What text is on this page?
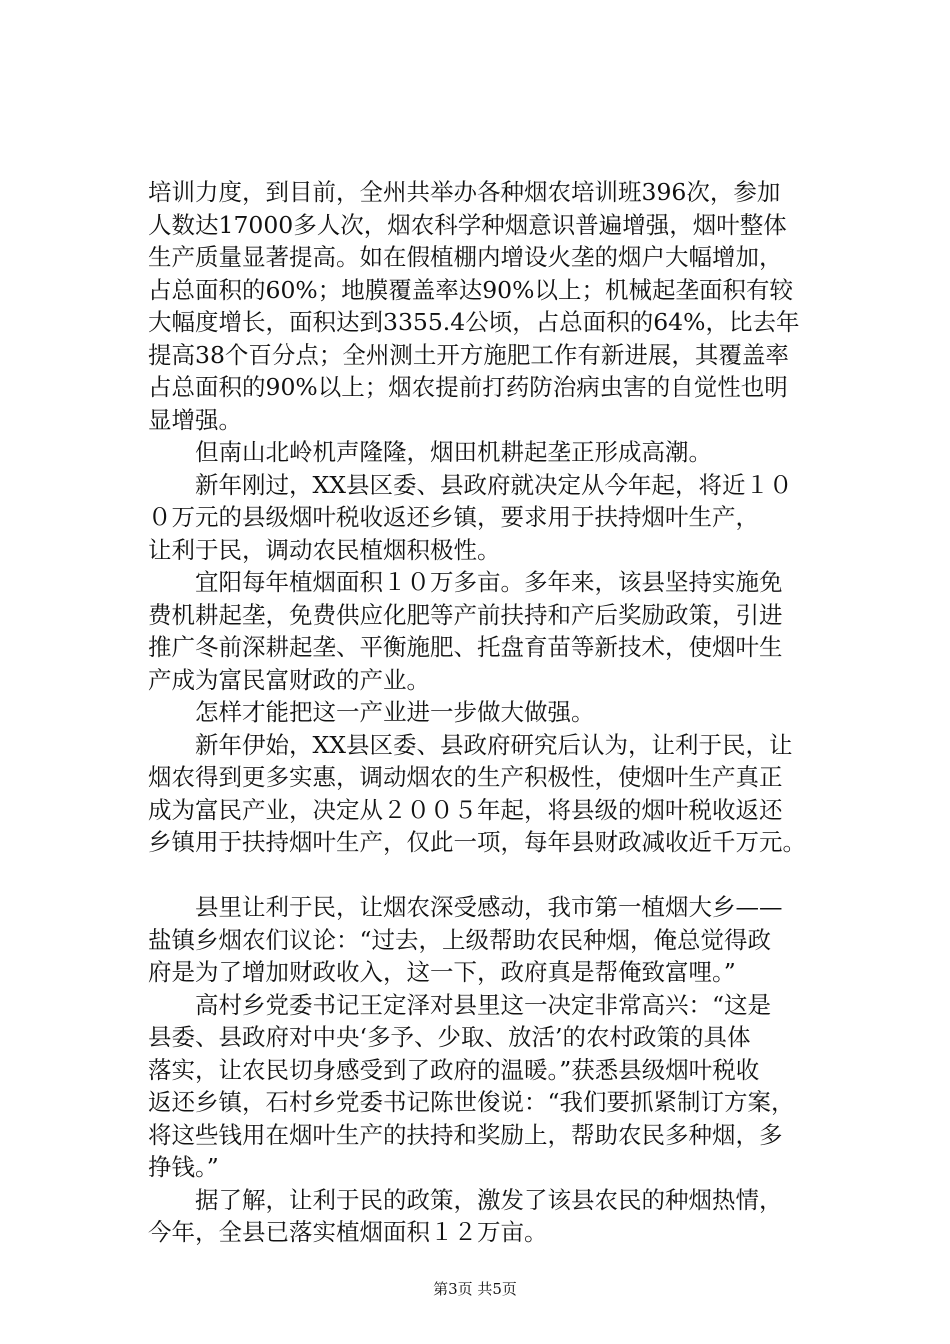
培训力度，到目前，全州共举办各种烟农培训班396次，参加
人数达17000多人次，烟农科学种烟意识普遍增强，烟叶整体
生产质量显著提高。如在假植棚内增设火垄的烟户大幅增加，
占总面积的60%；地膜覆盖率达90%以上；机械起垄面积有较
大幅度增长，面积达到3355.4公顷，占总面积的64%，比去年
提高38个百分点；全州测土开方施肥工作有新进展，其覆盖率
占总面积的90%以上；烟农提前打药防治病虫害的自觉性也明
显增强。

　　但南山北岭机声隆隆，烟田机耕起垄正形成高潮。

　　新年刚过，XX县区委、县政府就决定从今年起，将近１０
０万元的县级烟叶税收返还乡镇，要求用于扶持烟叶生产，
让利于民，调动农民植烟积极性。

　　宜阳每年植烟面积１０万多亩。多年来，该县坚持实施免
费机耕起垄，免费供应化肥等产前扶持和产后奖励政策，引进
推广冬前深耕起垄、平衡施肥、托盘育苗等新技术，使烟叶生
产成为富民富财政的产业。

　　怎样才能把这一产业进一步做大做强。

　　新年伊始，XX县区委、县政府研究后认为，让利于民，让
烟农得到更多实惠，调动烟农的生产积极性，使烟叶生产真正
成为富民产业，决定从２００５年起，将县级的烟叶税收返还
乡镇用于扶持烟叶生产，仅此一项，每年县财政减收近千万元。

　　县里让利于民，让烟农深受感动，我市第一植烟大乡——
盐镇乡烟农们议论：“过去，上级帮助农民种烟，俺总觉得政
府是为了增加财政收入，这一下，政府真是帮俺致富哩。”

　　高村乡党委书记王定泽对县里这一决定非常高兴：“这是
县委、县政府对中央‘多予、少取、放活’的农村政策的具体
落实，让农民切身感受到了政府的温暖。”获悉县级烟叶税收
返还乡镇，石村乡党委书记陈世俊说：“我们要抓紧制订方案，
将这些钱用在烟叶生产的扶持和奖励上，帮助农民多种烟，多
挣钱。”

　　据了解，让利于民的政策，激发了该县农民的种烟热情，
今年，全县已落实植烟面积１２万亩。

第3页 共5页
